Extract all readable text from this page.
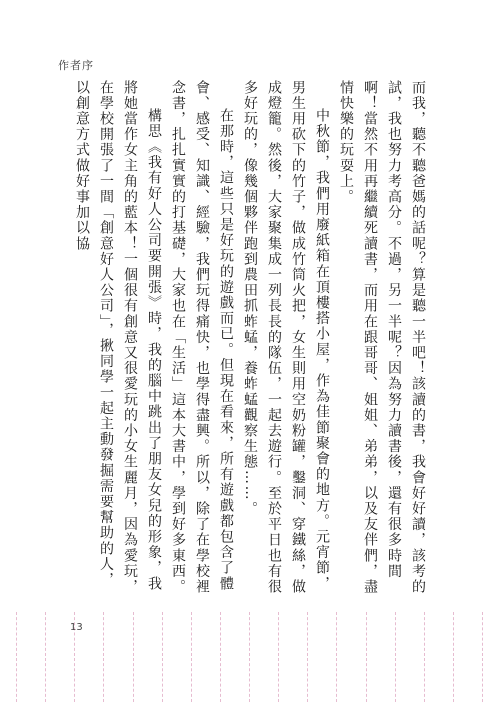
作者序

而我，聽不聽爸媽的話呢？算是聽一半吧！該讀的書，我會好好讀，該考的試，我也努力考高分。不過，另一半呢？因為努力讀書後，還有很多時間啊！當然不用再繼續死讀書，而用在跟哥哥、姐姐、弟弟，以及友伴們，盡情快樂的玩耍上。

中秋節，我們用廢紙箱在頂樓搭小屋，作為佳節聚會的地方。元宵節，男生用砍下的竹子，做成竹筒火把，女生則用空奶粉罐，鑿洞、穿鐵絲，做成燈籠。然後，大家聚集成一列長長的隊伍，一起去遊行。至於平日也有很多好玩的，像幾個夥伴跑到農田抓蚱蜢，養蚱蜢觀察生態……。

在那時，這些只是好玩的遊戲而已。但現在看來，所有遊戲都包含了體會、感受、知識、經驗，我們玩得痛快，也學得盡興。所以，除了在學校裡念書，扎扎實實的打基礎，大家也在「生活」這本大書中，學到好多東西。

構思《我有好人公司要開張》時，我的腦中跳出了朋友女兒的形象，我將她當作女主角的藍本！一個很有創意又很愛玩的小女生麗月，因為愛玩，在學校開張了一間「創意好人公司」，揪同學一起主動發掘需要幫助的人，以創意方式做好事加以協

13
